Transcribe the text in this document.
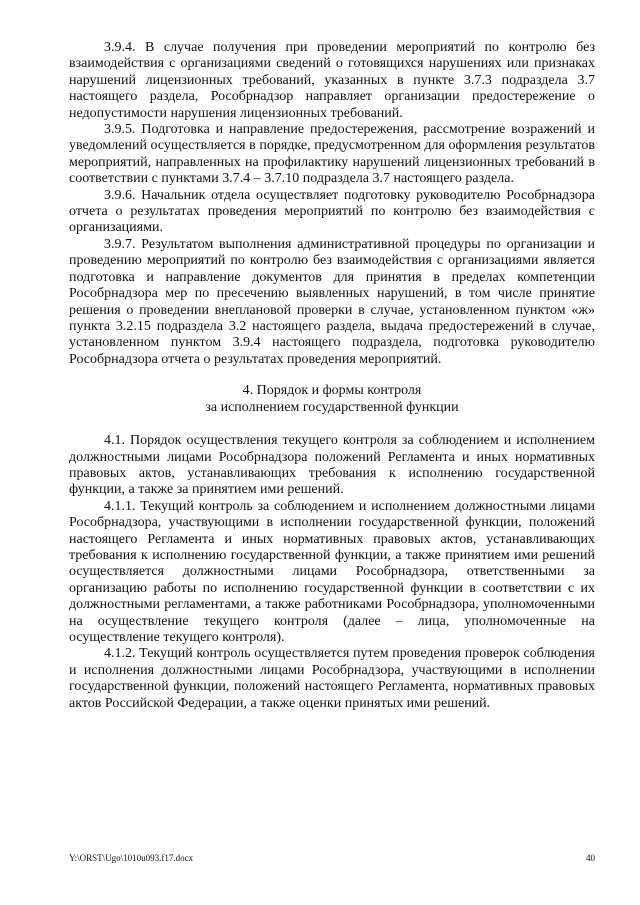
3.9.4. В случае получения при проведении мероприятий по контролю без взаимодействия с организациями сведений о готовящихся нарушениях или признаках нарушений лицензионных требований, указанных в пункте 3.7.3 подраздела 3.7 настоящего раздела, Рособрнадзор направляет организации предостережение о недопустимости нарушения лицензионных требований.

3.9.5. Подготовка и направление предостережения, рассмотрение возражений и уведомлений осуществляется в порядке, предусмотренном для оформления результатов мероприятий, направленных на профилактику нарушений лицензионных требований в соответствии с пунктами 3.7.4 – 3.7.10 подраздела 3.7 настоящего раздела.

3.9.6. Начальник отдела осуществляет подготовку руководителю Рособрнадзора отчета о результатах проведения мероприятий по контролю без взаимодействия с организациями.

3.9.7. Результатом выполнения административной процедуры по организации и проведению мероприятий по контролю без взаимодействия с организациями является подготовка и направление документов для принятия в пределах компетенции Рособрнадзора мер по пресечению выявленных нарушений, в том числе принятие решения о проведении внеплановой проверки в случае, установленном пунктом «ж» пункта 3.2.15 подраздела 3.2 настоящего раздела, выдача предостережений в случае, установленном пунктом 3.9.4 настоящего подраздела, подготовка руководителю Рособрнадзора отчета о результатах проведения мероприятий.

4. Порядок и формы контроля
за исполнением государственной функции

4.1. Порядок осуществления текущего контроля за соблюдением и исполнением должностными лицами Рособрнадзора положений Регламента и иных нормативных правовых актов, устанавливающих требования к исполнению государственной функции, а также за принятием ими решений.

4.1.1. Текущий контроль за соблюдением и исполнением должностными лицами Рособрнадзора, участвующими в исполнении государственной функции, положений настоящего Регламента и иных нормативных правовых актов, устанавливающих требования к исполнению государственной функции, а также принятием ими решений осуществляется должностными лицами Рособрнадзора, ответственными за организацию работы по исполнению государственной функции в соответствии с их должностными регламентами, а также работниками Рособрнадзора, уполномоченными на осуществление текущего контроля (далее – лица, уполномоченные на осуществление текущего контроля).

4.1.2. Текущий контроль осуществляется путем проведения проверок соблюдения и исполнения должностными лицами Рособрнадзора, участвующими в исполнении государственной функции, положений настоящего Регламента, нормативных правовых актов Российской Федерации, а также оценки принятых ими решений.

Y:\ORST\Ugo\1010u093.f17.docx	40
